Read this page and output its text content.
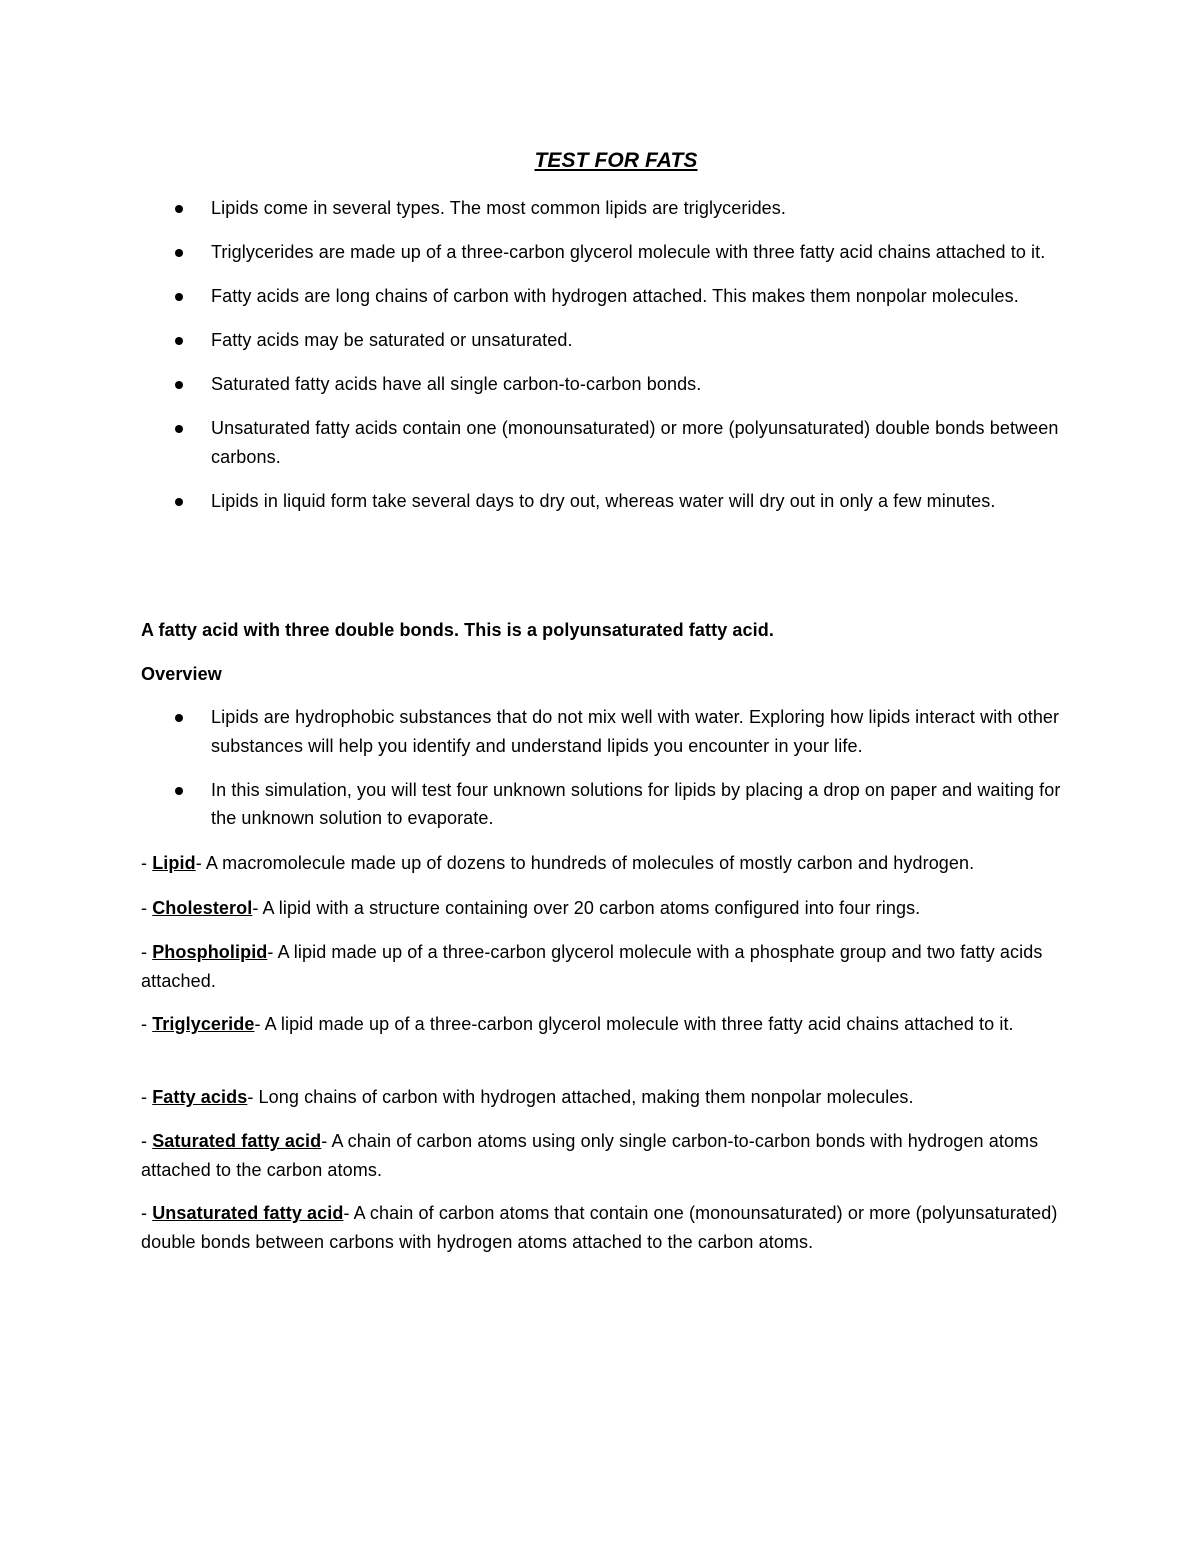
TEST FOR FATS
Lipids come in several types. The most common lipids are triglycerides.
Triglycerides are made up of a three-carbon glycerol molecule with three fatty acid chains attached to it.
Fatty acids are long chains of carbon with hydrogen attached. This makes them nonpolar molecules.
Fatty acids may be saturated or unsaturated.
Saturated fatty acids have all single carbon-to-carbon bonds.
Unsaturated fatty acids contain one (monounsaturated) or more (polyunsaturated) double bonds between carbons.
Lipids in liquid form take several days to dry out, whereas water will dry out in only a few minutes.

A fatty acid with three double bonds. This is a polyunsaturated fatty acid.

Overview

Lipids are hydrophobic substances that do not mix well with water. Exploring how lipids interact with other substances will help you identify and understand lipids you encounter in your life.
In this simulation, you will test four unknown solutions for lipids by placing a drop on paper and waiting for the unknown solution to evaporate.

- Lipid- A macromolecule made up of dozens to hundreds of molecules of mostly carbon and hydrogen.

- Cholesterol- A lipid with a structure containing over 20 carbon atoms configured into four rings.

- Phospholipid- A lipid made up of a three-carbon glycerol molecule with a phosphate group and two fatty acids attached.

- Triglyceride- A lipid made up of a three-carbon glycerol molecule with three fatty acid chains attached to it.

- Fatty acids- Long chains of carbon with hydrogen attached, making them nonpolar molecules.

- Saturated fatty acid- A chain of carbon atoms using only single carbon-to-carbon bonds with hydrogen atoms attached to the carbon atoms.

- Unsaturated fatty acid- A chain of carbon atoms that contain one (monounsaturated) or more (polyunsaturated) double bonds between carbons with hydrogen atoms attached to the carbon atoms.
